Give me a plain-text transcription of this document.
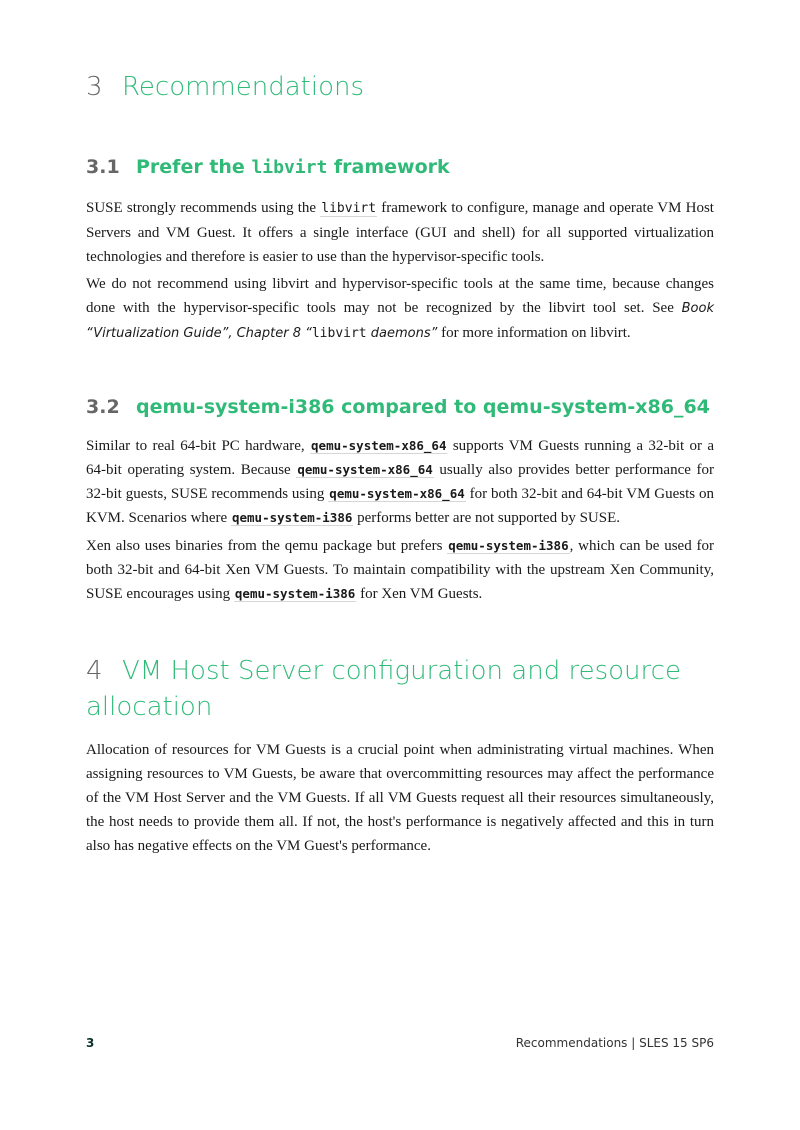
3 Recommendations
3.1 Prefer the libvirt framework

SUSE strongly recommends using the libvirt framework to configure, manage and operate VM Host Servers and VM Guest. It offers a single interface (GUI and shell) for all supported virtualization technologies and therefore is easier to use than the hypervisor-specific tools.

We do not recommend using libvirt and hypervisor-specific tools at the same time, because changes done with the hypervisor-specific tools may not be recognized by the libvirt tool set. See Book “Virtualization Guide”, Chapter 8 “libvirt daemons” for more information on libvirt.

3.2 qemu-system-i386 compared to qemu-system-x86_64

Similar to real 64-bit PC hardware, qemu-system-x86_64 supports VM Guests running a 32-bit or a 64-bit operating system. Because qemu-system-x86_64 usually also provides better performance for 32-bit guests, SUSE recommends using qemu-system-x86_64 for both 32-bit and 64-bit VM Guests on KVM. Scenarios where qemu-system-i386 performs better are not supported by SUSE.

Xen also uses binaries from the qemu package but prefers qemu-system-i386, which can be used for both 32-bit and 64-bit Xen VM Guests. To maintain compatibility with the upstream Xen Community, SUSE encourages using qemu-system-i386 for Xen VM Guests.

4 VM Host Server configuration and resource allocation

Allocation of resources for VM Guests is a crucial point when administrating virtual machines. When assigning resources to VM Guests, be aware that overcommitting resources may affect the performance of the VM Host Server and the VM Guests. If all VM Guests request all their resources simultaneously, the host needs to provide them all. If not, the host's performance is negatively affected and this in turn also has negative effects on the VM Guest's performance.

3	Recommendations | SLES 15 SP6
